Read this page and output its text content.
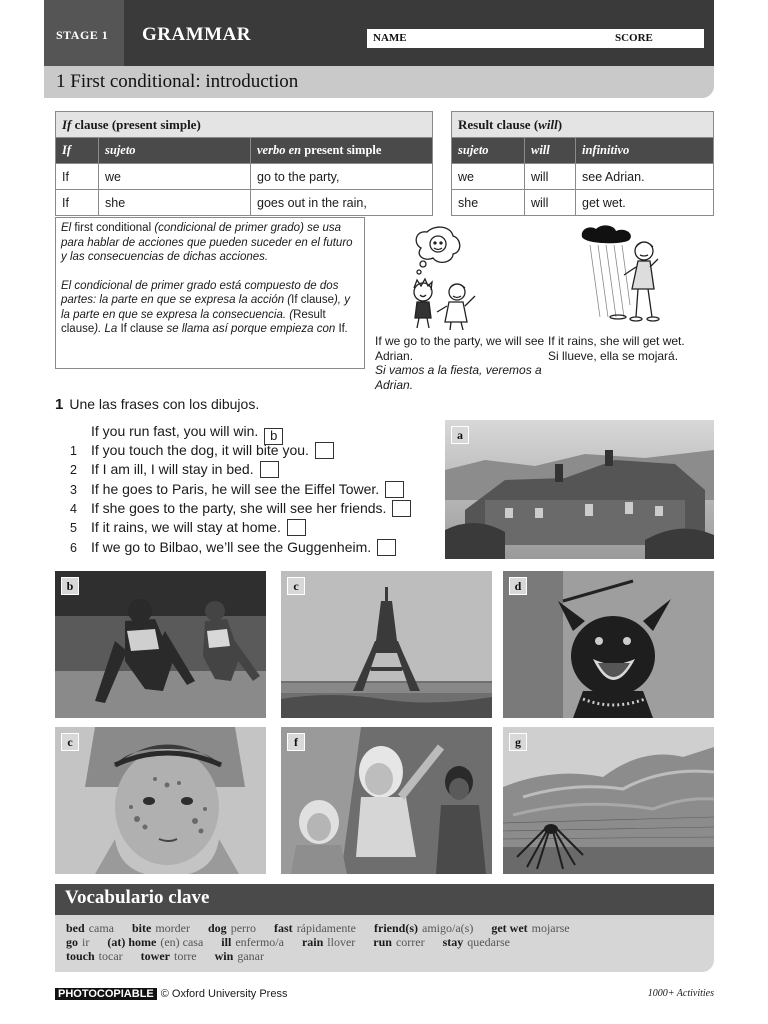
STAGE 1	GRAMMAR	NAME	SCORE
1 First conditional: introduction
If clause (present simple)		
If	sujeto	verbo en present simple
If	we	go to the party,
If	she	goes out in the rain,
Result clause (will)		
sujeto	will	infinitivo
we	will	see Adrian.
she	will	get wet.

El first conditional (condicional de primer grado) se usa para hablar de acciones que pueden suceder en el futuro y las consecuencias de dichas acciones.

El condicional de primer grado está compuesto de dos partes: la parte en que se expresa la acción (If clause), y la parte en que se expresa la consecuencia. (Result clause). La If clause se llama así porque empieza con If.

If we go to the party, we will see Adrian.
Si vamos a la fiesta, veremos a Adrian.
If it rains, she will get wet.
Si llueve, ella se mojará.
1 Une las frases con los dibujos.
If you run fast, you will win. b
1 If you touch the dog, it will bite you.
2 If I am ill, I will stay in bed.
3 If he goes to Paris, he will see the Eiffel Tower.
4 If she goes to the party, she will see her friends.
5 If it rains, we will stay at home.
6 If we go to Bilbao, we’ll see the Guggenheim.
a
b	c	d
c	f	g
Vocabulario clave
bed cama bite morder dog perro fast rápidamente friend(s) amigo/a(s) get wet mojarse
go ir (at) home (en) casa ill enfermo/a rain llover run correr stay quedarse
touch tocar tower torre win ganar
PHOTOCOPIABLE © Oxford University Press	1000+ Activities
